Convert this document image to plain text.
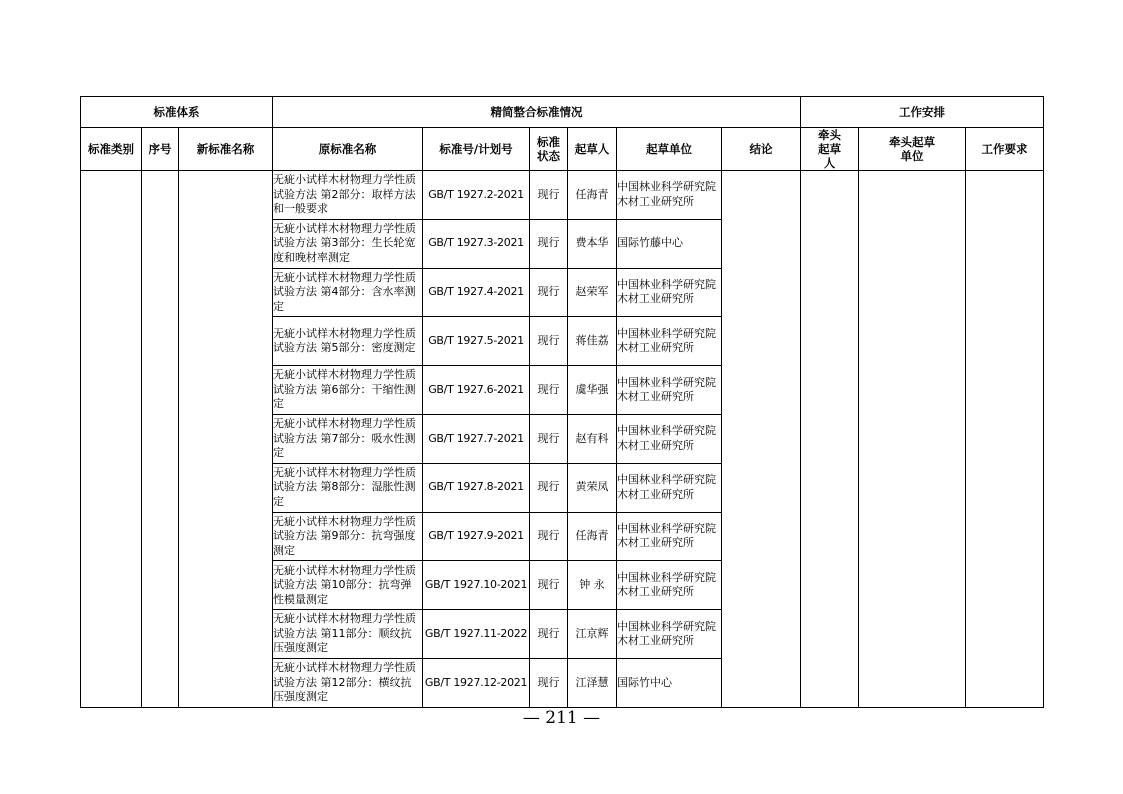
标准体系			精简整合标准情况						工作安排		
标准类别	序号	新标准名称	原标准名称	标准号/计划号	标准状态	起草人	起草单位	结论	牵头起草人	牵头起草单位	工作要求
			无疵小试样木材物理力学性质试验方法 第2部分：取样方法和一般要求	GB/T 1927.2-2021	现行	任海青	中国林业科学研究院木材工业研究所				
			无疵小试样木材物理力学性质试验方法 第3部分：生长轮宽度和晚材率测定	GB/T 1927.3-2021	现行	费本华	国际竹藤中心				
			无疵小试样木材物理力学性质试验方法 第4部分：含水率测定	GB/T 1927.4-2021	现行	赵荣军	中国林业科学研究院木材工业研究所				
			无疵小试样木材物理力学性质试验方法 第5部分：密度测定	GB/T 1927.5-2021	现行	蒋佳荔	中国林业科学研究院木材工业研究所				
			无疵小试样木材物理力学性质试验方法 第6部分：干缩性测定	GB/T 1927.6-2021	现行	虞华强	中国林业科学研究院木材工业研究所				
			无疵小试样木材物理力学性质试验方法 第7部分：吸水性测定	GB/T 1927.7-2021	现行	赵有科	中国林业科学研究院木材工业研究所				
			无疵小试样木材物理力学性质试验方法 第8部分：湿胀性测定	GB/T 1927.8-2021	现行	黄荣凤	中国林业科学研究院木材工业研究所				
			无疵小试样木材物理力学性质试验方法 第9部分：抗弯强度测定	GB/T 1927.9-2021	现行	任海青	中国林业科学研究院木材工业研究所				
			无疵小试样木材物理力学性质试验方法 第10部分：抗弯弹性模量测定	GB/T 1927.10-2021	现行	钟 永	中国林业科学研究院木材工业研究所				
			无疵小试样木材物理力学性质试验方法 第11部分：顺纹抗压强度测定	GB/T 1927.11-2022	现行	江京辉	中国林业科学研究院木材工业研究所				
			无疵小试样木材物理力学性质试验方法 第12部分：横纹抗压强度测定	GB/T 1927.12-2021	现行	江泽慧	国际竹中心				
— 211 —
